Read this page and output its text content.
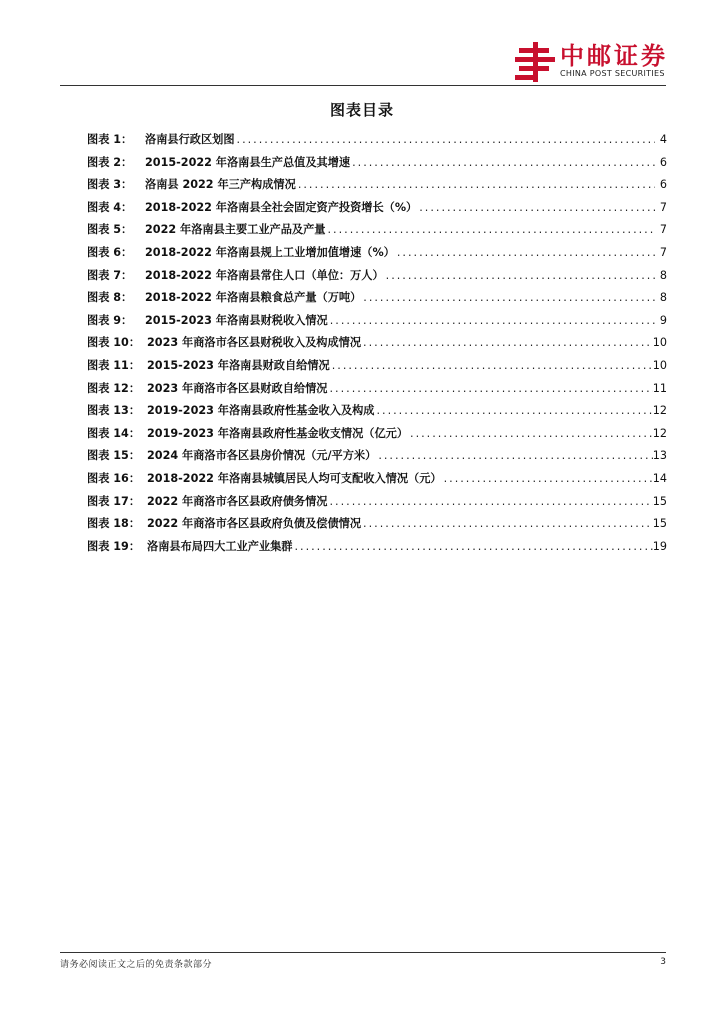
中邮证券
CHINA POST SECURITIES
图表目录
图表 1：	洛南县行政区划图 .....	4
图表 2：	2015-2022 年洛南县生产总值及其增速 .....	6
图表 3：	洛南县 2022 年三产构成情况 .....	6
图表 4：	2018-2022 年洛南县全社会固定资产投资增长（%） .....	7
图表 5：	2022 年洛南县主要工业产品及产量 .....	7
图表 6：	2018-2022 年洛南县规上工业增加值增速（%） .....	7
图表 7：	2018-2022 年洛南县常住人口（单位：万人） .....	8
图表 8：	2018-2022 年洛南县粮食总产量（万吨） .....	8
图表 9：	2015-2023 年洛南县财税收入情况 .....	9
图表 10： 2023 年商洛市各区县财税收入及构成情况 .....	10
图表 11： 2015-2023 年洛南县财政自给情况 .....	10
图表 12： 2023 年商洛市各区县财政自给情况 .....	11
图表 13： 2019-2023 年洛南县政府性基金收入及构成 .....	12
图表 14： 2019-2023 年洛南县政府性基金收支情况（亿元） .....	12
图表 15： 2024 年商洛市各区县房价情况（元/平方米） .....	13
图表 16： 2018-2022 年洛南县城镇居民人均可支配收入情况（元） .....	14
图表 17： 2022 年商洛市各区县政府债务情况 .....	15
图表 18： 2022 年商洛市各区县政府负债及偿债情况 .....	15
图表 19： 洛南县布局四大工业产业集群 .....	19
请务必阅读正文之后的免责条款部分	3
